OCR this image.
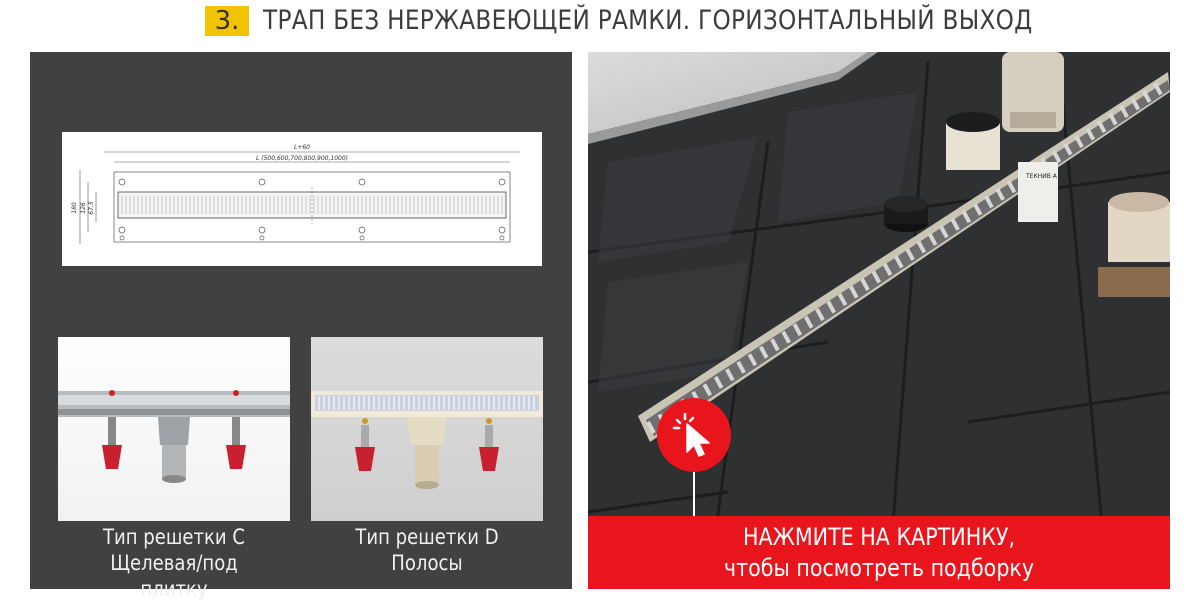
3. ТРАП БЕЗ НЕРЖАВЕЮЩЕЙ РАМКИ. ГОРИЗОНТАЛЬНЫЙ ВЫХОД
L+60
L (500,600,700,800,900,1000)
180 126 67.5
Тип решетки С
Щелевая/под плитку
Тип решетки D
Полосы
ТЕКНИВ А
НАЖМИТЕ НА КАРТИНКУ,
чтобы посмотреть подборку
